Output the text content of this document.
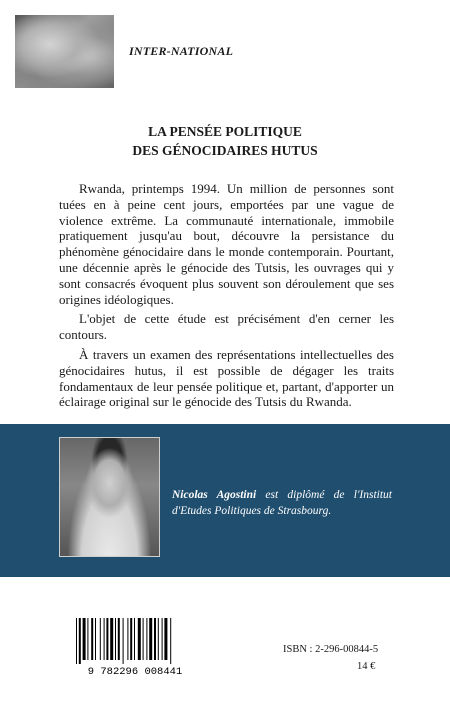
INTER-NATIONAL
LA PENSÉE POLITIQUE
DES GÉNOCIDAIRES HUTUS

Rwanda, printemps 1994. Un million de personnes sont tuées en à peine cent jours, emportées par une vague de violence extrême. La communauté internationale, immobile pratiquement jusqu'au bout, découvre la persistance du phénomène génocidaire dans le monde contemporain. Pourtant, une décennie après le génocide des Tutsis, les ouvrages qui y sont consacrés évoquent plus souvent son déroulement que ses origines idéologiques.

L'objet de cette étude est précisément d'en cerner les contours.

À travers un examen des représentations intellectuelles des génocidaires hutus, il est possible de dégager les traits fondamentaux de leur pensée politique et, partant, d'apporter un éclairage original sur le génocide des Tutsis du Rwanda.

Nicolas Agostini est diplômé de l'Institut d'Etudes Politiques de Strasbourg.
9 782296 008441
ISBN : 2-296-00844-5
14 €
